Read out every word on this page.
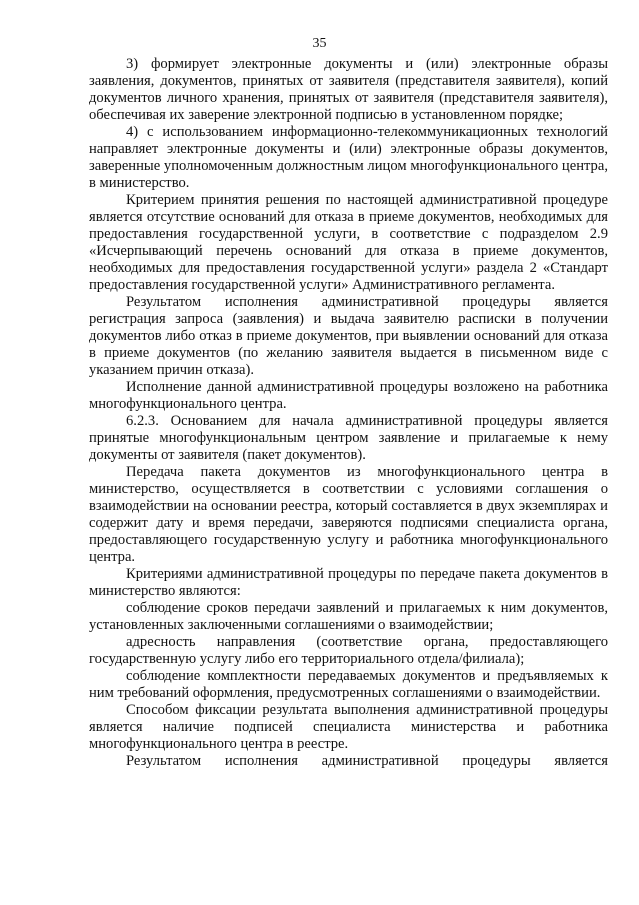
35

3) формирует электронные документы и (или) электронные образы заявления, документов, принятых от заявителя (представителя заявителя), копий документов личного хранения, принятых от заявителя (представителя заявителя), обеспечивая их заверение электронной подписью в установленном порядке;

4) с использованием информационно-телекоммуникационных технологий направляет электронные документы и (или) электронные образы документов, заверенные уполномоченным должностным лицом многофункционального центра, в министерство.

Критерием принятия решения по настоящей административной процедуре является отсутствие оснований для отказа в приеме документов, необходимых для предоставления государственной услуги, в соответствие с подразделом 2.9 «Исчерпывающий перечень оснований для отказа в приеме документов, необходимых для предоставления государственной услуги» раздела 2 «Стандарт предоставления государственной услуги» Административного регламента.

Результатом исполнения административной процедуры является регистрация запроса (заявления) и выдача заявителю расписки в получении документов либо отказ в приеме документов, при выявлении оснований для отказа в приеме документов (по желанию заявителя выдается в письменном виде с указанием причин отказа).

Исполнение данной административной процедуры возложено на работника многофункционального центра.

6.2.3. Основанием для начала административной процедуры является принятые многофункциональным центром заявление и прилагаемые к нему документы от заявителя (пакет документов).

Передача пакета документов из многофункционального центра в министерство, осуществляется в соответствии с условиями соглашения о взаимодействии на основании реестра, который составляется в двух экземплярах и содержит дату и время передачи, заверяются подписями специалиста органа, предоставляющего государственную услугу и работника многофункционального центра.

Критериями административной процедуры по передаче пакета документов в министерство являются:

соблюдение сроков передачи заявлений и прилагаемых к ним документов, установленных заключенными соглашениями о взаимодействии;

адресность направления (соответствие органа, предоставляющего государственную услугу либо его территориального отдела/филиала);

соблюдение комплектности передаваемых документов и предъявляемых к ним требований оформления, предусмотренных соглашениями о взаимодействии.

Способом фиксации результата выполнения административной процедуры является наличие подписей специалиста министерства и работника многофункционального центра в реестре.

Результатом исполнения административной процедуры является
